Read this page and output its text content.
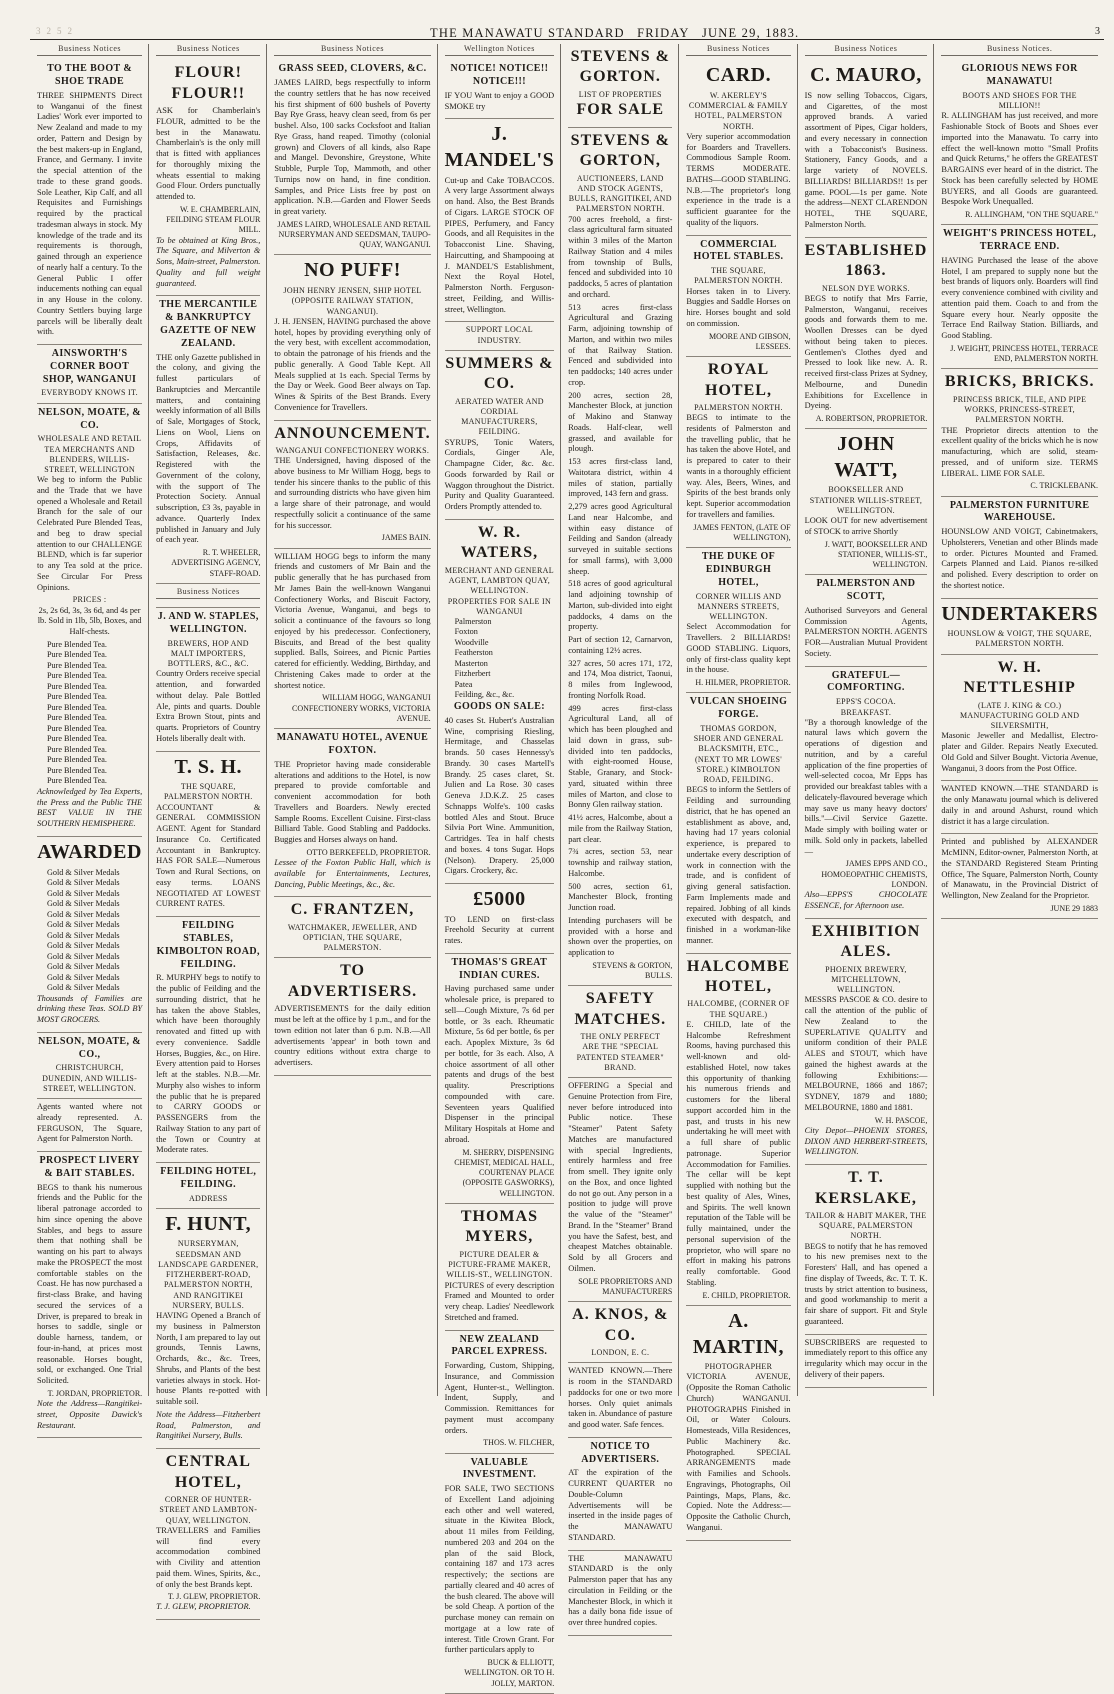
3252	THE MANAWATU STANDARD FRIDAY JUNE 29, 1883.	3
Business Notices
TO THE BOOT & SHOE TRADE

THREE SHIPMENTS Direct to Wanganui of the finest Ladies' Work ever imported to New Zealand and made to my order, Pattern and Design by the best makers-up in England, France, and Germany. I invite the special attention of the trade to these grand goods. Sole Leather, Kip Calf, and all Requisites and Furnishings required by the practical tradesman always in stock. My knowledge of the trade and its requirements is thorough, gained through an experience of nearly half a century. To the General Public I offer inducements nothing can equal in any House in the colony. Country Settlers buying large parcels will be liberally dealt with.

AINSWORTH'S CORNER BOOT SHOP, WANGANUI
EVERYBODY KNOWS IT.
NELSON, MOATE, & CO.
WHOLESALE AND RETAIL TEA MERCHANTS AND BLENDERS, WILLIS-STREET, WELLINGTON

We beg to inform the Public and the Trade that we have opened a Wholesale and Retail Branch for the sale of our Celebrated Pure Blended Teas, and beg to draw special attention to our CHALLENGE BLEND, which is far superior to any Tea sold at the price. See Circular For Press Opinions.

PRICES :

2s, 2s 6d, 3s, 3s 6d, and 4s per lb. Sold in 1lb, 5lb, Boxes, and Half-chests.

Pure Blended Tea.
Pure Blended Tea.
Pure Blended Tea.
Pure Blended Tea.
Pure Blended Tea.
Pure Blended Tea.
Pure Blended Tea.
Pure Blended Tea.
Pure Blended Tea.
Pure Blended Tea.
Pure Blended Tea.
Pure Blended Tea.
Pure Blended Tea.
Pure Blended Tea.

Acknowledged by Tea Experts, the Press and the Public THE BEST VALUE IN THE SOUTHERN HEMISPHERE.

AWARDED
Gold & Silver Medals
Gold & Silver Medals
Gold & Silver Medals
Gold & Silver Medals
Gold & Silver Medals
Gold & Silver Medals
Gold & Silver Medals
Gold & Silver Medals
Gold & Silver Medals
Gold & Silver Medals
Gold & Silver Medals
Gold & Silver Medals

Thousands of Families are drinking these Teas. SOLD BY MOST GROCERS.

NELSON, MOATE, & CO.,
CHRISTCHURCH, DUNEDIN, AND WILLIS-STREET, WELLINGTON.

Agents wanted where not already represented. A. FERGUSON, The Square, Agent for Palmerston North.

PROSPECT LIVERY & BAIT STABLES.

BEGS to thank his numerous friends and the Public for the liberal patronage accorded to him since opening the above Stables, and begs to assure them that nothing shall be wanting on his part to always make the PROSPECT the most comfortable stables on the Coast. He has now purchased a first-class Brake, and having secured the services of a Driver, is prepared to break in horses to saddle, single or double harness, tandem, or four-in-hand, at prices most reasonable. Horses bought, sold, or exchanged. One Trial Solicited.

T. JORDAN, PROPRIETOR.

Note the Address—Rangitikei-street, Opposite Dawick's Restaurant.

Business Notices
FLOUR! FLOUR!!

ASK for Chamberlain's FLOUR, admitted to be the best in the Manawatu. Chamberlain's is the only mill that is fitted with appliances for thoroughly mixing the wheats essential to making Good Flour. Orders punctually attended to.

W. E. CHAMBERLAIN, FEILDING STEAM FLOUR MILL.

To be obtained at King Bros., The Square, and Milverton & Sons, Main-street, Palmerston. Quality and full weight guaranteed.

THE MERCANTILE & BANKRUPTCY GAZETTE OF NEW ZEALAND.

THE only Gazette published in the colony, and giving the fullest particulars of Bankruptcies and Mercantile matters, and containing weekly information of all Bills of Sale, Mortgages of Stock, Liens on Wool, Liens on Crops, Affidavits of Satisfaction, Releases, &c. Registered with the Government of the colony, with the support of The Protection Society. Annual subscription, £3 3s, payable in advance. Quarterly Index published in January and July of each year.

R. T. WHEELER, ADVERTISING AGENCY, STAFF-ROAD.
Business Notices
J. AND W. STAPLES, WELLINGTON.
BREWERS, HOP AND MALT IMPORTERS, BOTTLERS, &C., &C.

Country Orders receive special attention, and forwarded without delay. Pale Bottled Ale, pints and quarts. Double Extra Brown Stout, pints and quarts. Proprietors of Country Hotels liberally dealt with.

T. S. H.
THE SQUARE, PALMERSTON NORTH.

ACCOUNTANT & GENERAL COMMISSION AGENT. Agent for Standard Insurance Co. Certificated Accountant in Bankruptcy. HAS FOR SALE—Numerous Town and Rural Sections, on easy terms. LOANS NEGOTIATED AT LOWEST CURRENT RATES.

FEILDING STABLES, KIMBOLTON ROAD, FEILDING.

R. MURPHY begs to notify to the public of Feilding and the surrounding district, that he has taken the above Stables, which have been thoroughly renovated and fitted up with every convenience. Saddle Horses, Buggies, &c., on Hire. Every attention paid to Horses left at the stables. N.B.—Mr. Murphy also wishes to inform the public that he is prepared to CARRY GOODS or PASSENGERS from the Railway Station to any part of the Town or Country at Moderate rates.

FEILDING HOTEL, FEILDING.
ADDRESS
F. HUNT,
NURSERYMAN, SEEDSMAN AND LANDSCAPE GARDENER, FITZHERBERT-ROAD, PALMERSTON NORTH, AND RANGITIKEI NURSERY, BULLS.

HAVING Opened a Branch of my business in Palmerston North, I am prepared to lay out grounds, Tennis Lawns, Orchards, &c., &c. Trees, Shrubs, and Plants of the best varieties always in stock. Hot-house Plants re-potted with suitable soil.

Note the Address—Fitzherbert Road, Palmerston, and Rangitikei Nursery, Bulls.

CENTRAL HOTEL,
CORNER OF HUNTER-STREET AND LAMBTON-QUAY, WELLINGTON.

TRAVELLERS and Families will find every accommodation combined with Civility and attention paid them. Wines, Spirits, &c., of only the best Brands kept.

T. J. GLEW, PROPRIETOR.

T. J. GLEW, PROPRIETOR.

Business Notices
GRASS SEED, CLOVERS, &C.

JAMES LAIRD, begs respectfully to inform the country settlers that he has now received his first shipment of 600 bushels of Poverty Bay Rye Grass, heavy clean seed, from 6s per bushel. Also, 100 sacks Cocksfoot and Italian Rye Grass, hand reaped. Timothy (colonial grown) and Clovers of all kinds, also Rape and Mangel. Devonshire, Greystone, White Stubble, Purple Top, Mammoth, and other Turnips now on hand, in fine condition. Samples, and Price Lists free by post on application. N.B.—Garden and Flower Seeds in great variety.

JAMES LAIRD, WHOLESALE AND RETAIL NURSERYMAN AND SEEDSMAN, TAUPO-QUAY, WANGANUI.
NO PUFF!
JOHN HENRY JENSEN, SHIP HOTEL (OPPOSITE RAILWAY STATION, WANGANUI).

J. H. JENSEN, HAVING purchased the above hotel, hopes by providing everything only of the very best, with excellent accommodation, to obtain the patronage of his friends and the public generally. A Good Table Kept. All Meals supplied at 1s each. Special Terms by the Day or Week. Good Beer always on Tap. Wines & Spirits of the Best Brands. Every Convenience for Travellers.

ANNOUNCEMENT.
WANGANUI CONFECTIONERY WORKS.

THE Undersigned, having disposed of the above business to Mr William Hogg, begs to tender his sincere thanks to the public of this and surrounding districts who have given him a large share of their patronage, and would respectfully solicit a continuance of the same for his successor.

JAMES BAIN.

WILLIAM HOGG begs to inform the many friends and customers of Mr Bain and the public generally that he has purchased from Mr James Bain the well-known Wanganui Confectionery Works, and Biscuit Factory, Victoria Avenue, Wanganui, and begs to solicit a continuance of the favours so long enjoyed by his predecessor. Confectionery, Biscuits, and Bread of the best quality supplied. Balls, Soirees, and Picnic Parties catered for efficiently. Wedding, Birthday, and Christening Cakes made to order at the shortest notice.

WILLIAM HOGG, WANGANUI CONFECTIONERY WORKS, VICTORIA AVENUE.
MANAWATU HOTEL, AVENUE FOXTON.

THE Proprietor having made considerable alterations and additions to the Hotel, is now prepared to provide comfortable and convenient accommodation for both Travellers and Boarders. Newly erected Sample Rooms. Excellent Cuisine. First-class Billiard Table. Good Stabling and Paddocks. Buggies and Horses always on hand.

OTTO BERKEFELD, PROPRIETOR.

Lessee of the Foxton Public Hall, which is available for Entertainments, Lectures, Dancing, Public Meetings, &c., &c.

C. FRANTZEN,
WATCHMAKER, JEWELLER, AND OPTICIAN, THE SQUARE, PALMERSTON.
TO ADVERTISERS.

ADVERTISEMENTS for the daily edition must be left at the office by 1 p.m., and for the town edition not later than 6 p.m. N.B.—All advertisements 'appear' in both town and country editions without extra charge to advertisers.

Wellington Notices
NOTICE! NOTICE!! NOTICE!!!

IF YOU Want to enjoy a GOOD SMOKE try

J. MANDEL'S

Cut-up and Cake TOBACCOS. A very large Assortment always on hand. Also, the Best Brands of Cigars. LARGE STOCK OF PIPES, Perfumery, and Fancy Goods, and all Requisites in the Tobacconist Line. Shaving, Haircutting, and Shampooing at J. MANDEL'S Establishment, Next the Royal Hotel, Palmerston North. Ferguson-street, Feilding, and Willis-street, Wellington.

SUPPORT LOCAL INDUSTRY.
SUMMERS & CO.
AERATED WATER AND CORDIAL MANUFACTURERS, FEILDING.

SYRUPS, Tonic Waters, Cordials, Ginger Ale, Champagne Cider, &c. &c. Goods forwarded by Rail or Waggon throughout the District. Purity and Quality Guaranteed. Orders Promptly attended to.

W. R. WATERS,
MERCHANT AND GENERAL AGENT, LAMBTON QUAY, WELLINGTON.
PROPERTIES FOR SALE IN WANGANUI
Palmerston
Foxton
Woodville
Featherston
Masterton
Fitzherbert
Patea
Feilding, &c., &c.
GOODS ON SALE:

40 cases St. Hubert's Australian Wine, comprising Riesling, Hermitage, and Chasselas brands. 50 cases Hennessy's Brandy. 30 cases Martell's Brandy. 25 cases claret, St. Julien and La Rose. 30 cases Geneva J.D.K.Z. 25 cases Schnapps Wolfe's. 100 casks bottled Ales and Stout. Bruce Silvia Port Wine. Ammunition, Cartridges. Tea in half chests and boxes. 4 tons Sugar. Hops (Nelson). Drapery. 25,000 Cigars. Crockery, &c.

£5000

TO LEND on first-class Freehold Security at current rates.

THOMAS'S GREAT INDIAN CURES.

Having purchased same under wholesale price, is prepared to sell—Cough Mixture, 7s 6d per bottle, or 3s each. Rheumatic Mixture, 5s 6d per bottle, 6s per each. Apoplex Mixture, 3s 6d per bottle, for 3s each. Also, A choice assortment of all other patents and drugs of the best quality. Prescriptions compounded with care. Seventeen years Qualified Dispenser in the principal Military Hospitals at Home and abroad.

M. SHERRY, DISPENSING CHEMIST, MEDICAL HALL, COURTENAY PLACE (OPPOSITE GASWORKS), WELLINGTON.
THOMAS MYERS,
PICTURE DEALER & PICTURE-FRAME MAKER, WILLIS-ST., WELLINGTON.

PICTURES of every description Framed and Mounted to order very cheap. Ladies' Needlework Stretched and framed.

NEW ZEALAND PARCEL EXPRESS.

Forwarding, Custom, Shipping, Insurance, and Commission Agent, Hunter-st., Wellington. Indent, Supply, and Commission. Remittances for payment must accompany orders.

THOS. W. FILCHER,
VALUABLE INVESTMENT.

FOR SALE, TWO SECTIONS of Excellent Land adjoining each other and well watered, situate in the Kiwitea Block, about 11 miles from Feilding, numbered 203 and 204 on the plan of the said Block, containing 187 and 173 acres respectively; the sections are partially cleared and 40 acres of the bush cleared. The above will be sold Cheap. A portion of the purchase money can remain on mortgage at a low rate of interest. Title Crown Grant. For further particulars apply to

BUCK & ELLIOTT, WELLINGTON. OR TO H. JOLLY, MARTON.
STEVENS & GORTON.
LIST OF PROPERTIES
FOR SALE
STEVENS & GORTON,
AUCTIONEERS, LAND AND STOCK AGENTS, BULLS, RANGITIKEI, AND PALMERSTON NORTH.

700 acres freehold, a first-class agricultural farm situated within 3 miles of the Marton Railway Station and 4 miles from township of Bulls, fenced and subdivided into 10 paddocks, 5 acres of plantation and orchard.

513 acres first-class Agricultural and Grazing Farm, adjoining township of Marton, and within two miles of that Railway Station. Fenced and subdivided into ten paddocks; 140 acres under crop.

200 acres, section 28, Manchester Block, at junction of Makino and Stanway Roads. Half-clear, well grassed, and available for plough.

153 acres first-class land, Waitotara district, within 4 miles of station, partially improved, 143 fern and grass.

2,279 acres good Agricultural Land near Halcombe, and within easy distance of Feilding and Sandon (already surveyed in suitable sections for small farms), with 3,000 sheep.

518 acres of good agricultural land adjoining township of Marton, sub-divided into eight paddocks, 4 dams on the property.

Part of section 12, Carnarvon, containing 12½ acres.

327 acres, 50 acres 171, 172, and 174, Moa district, Taonui, 8 miles from Inglewood, fronting Norfolk Road.

499 acres first-class Agricultural Land, all of which has been ploughed and laid down in grass, sub-divided into ten paddocks, with eight-roomed House, Stable, Granary, and Stock-yard, situated within three miles of Marton, and close to Bonny Glen railway station.

41½ acres, Halcombe, about a mile from the Railway Station, part clear.

7¾ acres, section 53, near township and railway station, Halcombe.

500 acres, section 61, Manchester Block, fronting Junction road.

Intending purchasers will be provided with a horse and shown over the properties, on application to

STEVENS & GORTON, BULLS.
SAFETY MATCHES.
THE ONLY PERFECT
ARE THE "SPECIAL PATENTED STEAMER" BRAND.

OFFERING a Special and Genuine Protection from Fire, never before introduced into Public notice. These "Steamer" Patent Safety Matches are manufactured with special Ingredients, entirely harmless and free from smell. They ignite only on the Box, and once lighted do not go out. Any person in a position to judge will prove the value of the "Steamer" Brand. In the "Steamer" Brand you have the Safest, best, and cheapest Matches obtainable. Sold by all Grocers and Oilmen.

SOLE PROPRIETORS AND MANUFACTURERS
A. KNOS, & CO.
LONDON, E. C.

WANTED KNOWN.—There is room in the STANDARD paddocks for one or two more horses. Only quiet animals taken in. Abundance of pasture and good water. Safe fences.

NOTICE TO ADVERTISERS.

AT the expiration of the CURRENT QUARTER no Double-Column Advertisements will be inserted in the inside pages of the MANAWATU STANDARD.

THE MANAWATU STANDARD is the only Palmerston paper that has any circulation in Feilding or the Manchester Block, in which it has a daily bona fide issue of over three hundred copies.

Business Notices
CARD.
W. AKERLEY'S COMMERCIAL & FAMILY HOTEL, PALMERSTON NORTH.

Very superior accommodation for Boarders and Travellers. Commodious Sample Room. TERMS MODERATE. BATHS—GOOD STABLING. N.B.—The proprietor's long experience in the trade is a sufficient guarantee for the quality of the liquors.

COMMERCIAL HOTEL STABLES.
THE SQUARE, PALMERSTON NORTH.

Horses taken in to Livery. Buggies and Saddle Horses on hire. Horses bought and sold on commission.

MOORE AND GIBSON, LESSEES.
ROYAL HOTEL,
PALMERSTON NORTH.

BEGS to intimate to the residents of Palmerston and the travelling public, that he has taken the above Hotel, and is prepared to cater to their wants in a thoroughly efficient way. Ales, Beers, Wines, and Spirits of the best brands only kept. Superior accommodation for travellers and families.

JAMES FENTON, (LATE OF WELLINGTON),
THE DUKE OF EDINBURGH HOTEL,
CORNER WILLIS AND MANNERS STREETS, WELLINGTON.

Select Accommodation for Travellers. 2 BILLIARDS! GOOD STABLING. Liquors, only of first-class quality kept in the house.

H. HILMER, PROPRIETOR.
VULCAN SHOEING FORGE.
THOMAS GORDON, SHOER AND GENERAL BLACKSMITH, ETC., (NEXT TO MR LOWES' STORE.) KIMBOLTON ROAD, FEILDING.

BEGS to inform the Settlers of Feilding and surrounding district, that he has opened an establishment as above, and, having had 17 years colonial experience, is prepared to undertake every description of work in connection with the trade, and is confident of giving general satisfaction. Farm Implements made and repaired. Jobbing of all kinds executed with despatch, and finished in a workman-like manner.

HALCOMBE HOTEL,
HALCOMBE, (CORNER OF THE SQUARE.)

E. CHILD, late of the Halcombe Refreshment Rooms, having purchased this well-known and old-established Hotel, now takes this opportunity of thanking his numerous friends and customers for the liberal support accorded him in the past, and trusts in his new undertaking he will meet with a full share of public patronage. Superior Accommodation for Families. The cellar will be kept supplied with nothing but the best quality of Ales, Wines, and Spirits. The well known reputation of the Table will be fully maintained, under the personal supervision of the proprietor, who will spare no effort in making his patrons really comfortable. Good Stabling.

E. CHILD, PROPRIETOR.
A. MARTIN,
PHOTOGRAPHER

VICTORIA AVENUE, (Opposite the Roman Catholic Church) WANGANUI. PHOTOGRAPHS Finished in Oil, or Water Colours. Homesteads, Villa Residences, Public Machinery &c. Photographed. SPECIAL ARRANGEMENTS made with Families and Schools. Engravings, Photographs, Oil Paintings, Maps, Plans, &c. Copied. Note the Address:—Opposite the Catholic Church, Wanganui.

Business Notices
C. MAURO,

IS now selling Tobaccos, Cigars, and Cigarettes, of the most approved brands. A varied assortment of Pipes, Cigar holders, and every necessary in connection with a Tobacconist's Business. Stationery, Fancy Goods, and a large variety of NOVELS. BILLIARDS! BILLIARDS!! 1s per game. POOL—1s per game. Note the address—NEXT CLARENDON HOTEL, THE SQUARE, Palmerston North.

ESTABLISHED 1863.
NELSON DYE WORKS.

BEGS to notify that Mrs Farrie, Palmerston, Wanganui, receives goods and forwards them to me. Woollen Dresses can be dyed without being taken to pieces. Gentlemen's Clothes dyed and Pressed to look like new. A. R. received first-class Prizes at Sydney, Melbourne, and Dunedin Exhibitions for Excellence in Dyeing.

A. ROBERTSON, PROPRIETOR.
JOHN WATT,
BOOKSELLER AND STATIONER WILLIS-STREET, WELLINGTON.

LOOK OUT for new advertisement of STOCK to arrive Shortly

J. WATT, BOOKSELLER AND STATIONER, WILLIS-ST., WELLINGTON.
PALMERSTON AND SCOTT,

Authorised Surveyors and General Commission Agents, PALMERSTON NORTH. AGENTS FOR—Australian Mutual Provident Society.

GRATEFUL—COMFORTING.
EPPS'S COCOA.
BREAKFAST.

"By a thorough knowledge of the natural laws which govern the operations of digestion and nutrition, and by a careful application of the fine properties of well-selected cocoa, Mr Epps has provided our breakfast tables with a delicately-flavoured beverage which may save us many heavy doctors' bills."—Civil Service Gazette. Made simply with boiling water or milk. Sold only in packets, labelled—

JAMES EPPS AND CO., HOMOEOPATHIC CHEMISTS, LONDON.

Also—EPPS'S CHOCOLATE ESSENCE, for Afternoon use.

EXHIBITION ALES.
PHOENIX BREWERY, MITCHELLTOWN, WELLINGTON.

MESSRS PASCOE & CO. desire to call the attention of the public of New Zealand to the SUPERLATIVE QUALITY and uniform condition of their PALE ALES and STOUT, which have gained the highest awards at the following Exhibitions:—MELBOURNE, 1866 and 1867; SYDNEY, 1879 and 1880; MELBOURNE, 1880 and 1881.

W. H. PASCOE,

City Depot—PHOENIX STORES, DIXON AND HERBERT-STREETS, WELLINGTON.

T. T. KERSLAKE,
TAILOR & HABIT MAKER, THE SQUARE, PALMERSTON NORTH.

BEGS to notify that he has removed to his new premises next to the Foresters' Hall, and has opened a fine display of Tweeds, &c. T. T. K. trusts by strict attention to business, and good workmanship to merit a fair share of support. Fit and Style guaranteed.

SUBSCRIBERS are requested to immediately report to this office any irregularity which may occur in the delivery of their papers.

Business Notices.
GLORIOUS NEWS FOR MANAWATU!
BOOTS AND SHOES FOR THE MILLION!!

R. ALLINGHAM has just received, and more Fashionable Stock of Boots and Shoes ever imported into the Manawatu. To carry into effect the well-known motto "Small Profits and Quick Returns," he offers the GREATEST BARGAINS ever heard of in the district. The Stock has been carefully selected by HOME BUYERS, and all Goods are guaranteed. Bespoke Work Unequalled.

R. ALLINGHAM, "ON THE SQUARE."
WEIGHT'S PRINCESS HOTEL, TERRACE END.

HAVING Purchased the lease of the above Hotel, I am prepared to supply none but the best brands of liquors only. Boarders will find every convenience combined with civility and attention paid them. Coach to and from the Square every hour. Nearly opposite the Terrace End Railway Station. Billiards, and Good Stabling.

J. WEIGHT, PRINCESS HOTEL, TERRACE END, PALMERSTON NORTH.
BRICKS, BRICKS.
PRINCESS BRICK, TILE, AND PIPE WORKS, PRINCESS-STREET, PALMERSTON NORTH.

THE Proprietor directs attention to the excellent quality of the bricks which he is now manufacturing, which are solid, steam-pressed, and of uniform size. TERMS LIBERAL. LIME FOR SALE.

C. TRICKLEBANK.
PALMERSTON FURNITURE WAREHOUSE.

HOUNSLOW AND VOIGT, Cabinetmakers, Upholsterers, Venetian and other Blinds made to order. Pictures Mounted and Framed. Carpets Planned and Laid. Pianos re-silked and polished. Every description to order on the shortest notice.

UNDERTAKERS
HOUNSLOW & VOIGT, THE SQUARE, PALMERSTON NORTH.
W. H. NETTLESHIP
(LATE J. KING & CO.) MANUFACTURING GOLD AND SILVERSMITH,

Masonic Jeweller and Medallist, Electro-plater and Gilder. Repairs Neatly Executed. Old Gold and Silver Bought. Victoria Avenue, Wanganui, 3 doors from the Post Office.

WANTED KNOWN.—THE STANDARD is the only Manawatu journal which is delivered daily in and around Ashurst, round which district it has a large circulation.

Printed and published by ALEXANDER McMINN, Editor-owner, Palmerston North, at the STANDARD Registered Steam Printing Office, The Square, Palmerston North, County of Manawatu, in the Provincial District of Wellington, New Zealand for the Proprietor.

JUNE 29 1883
